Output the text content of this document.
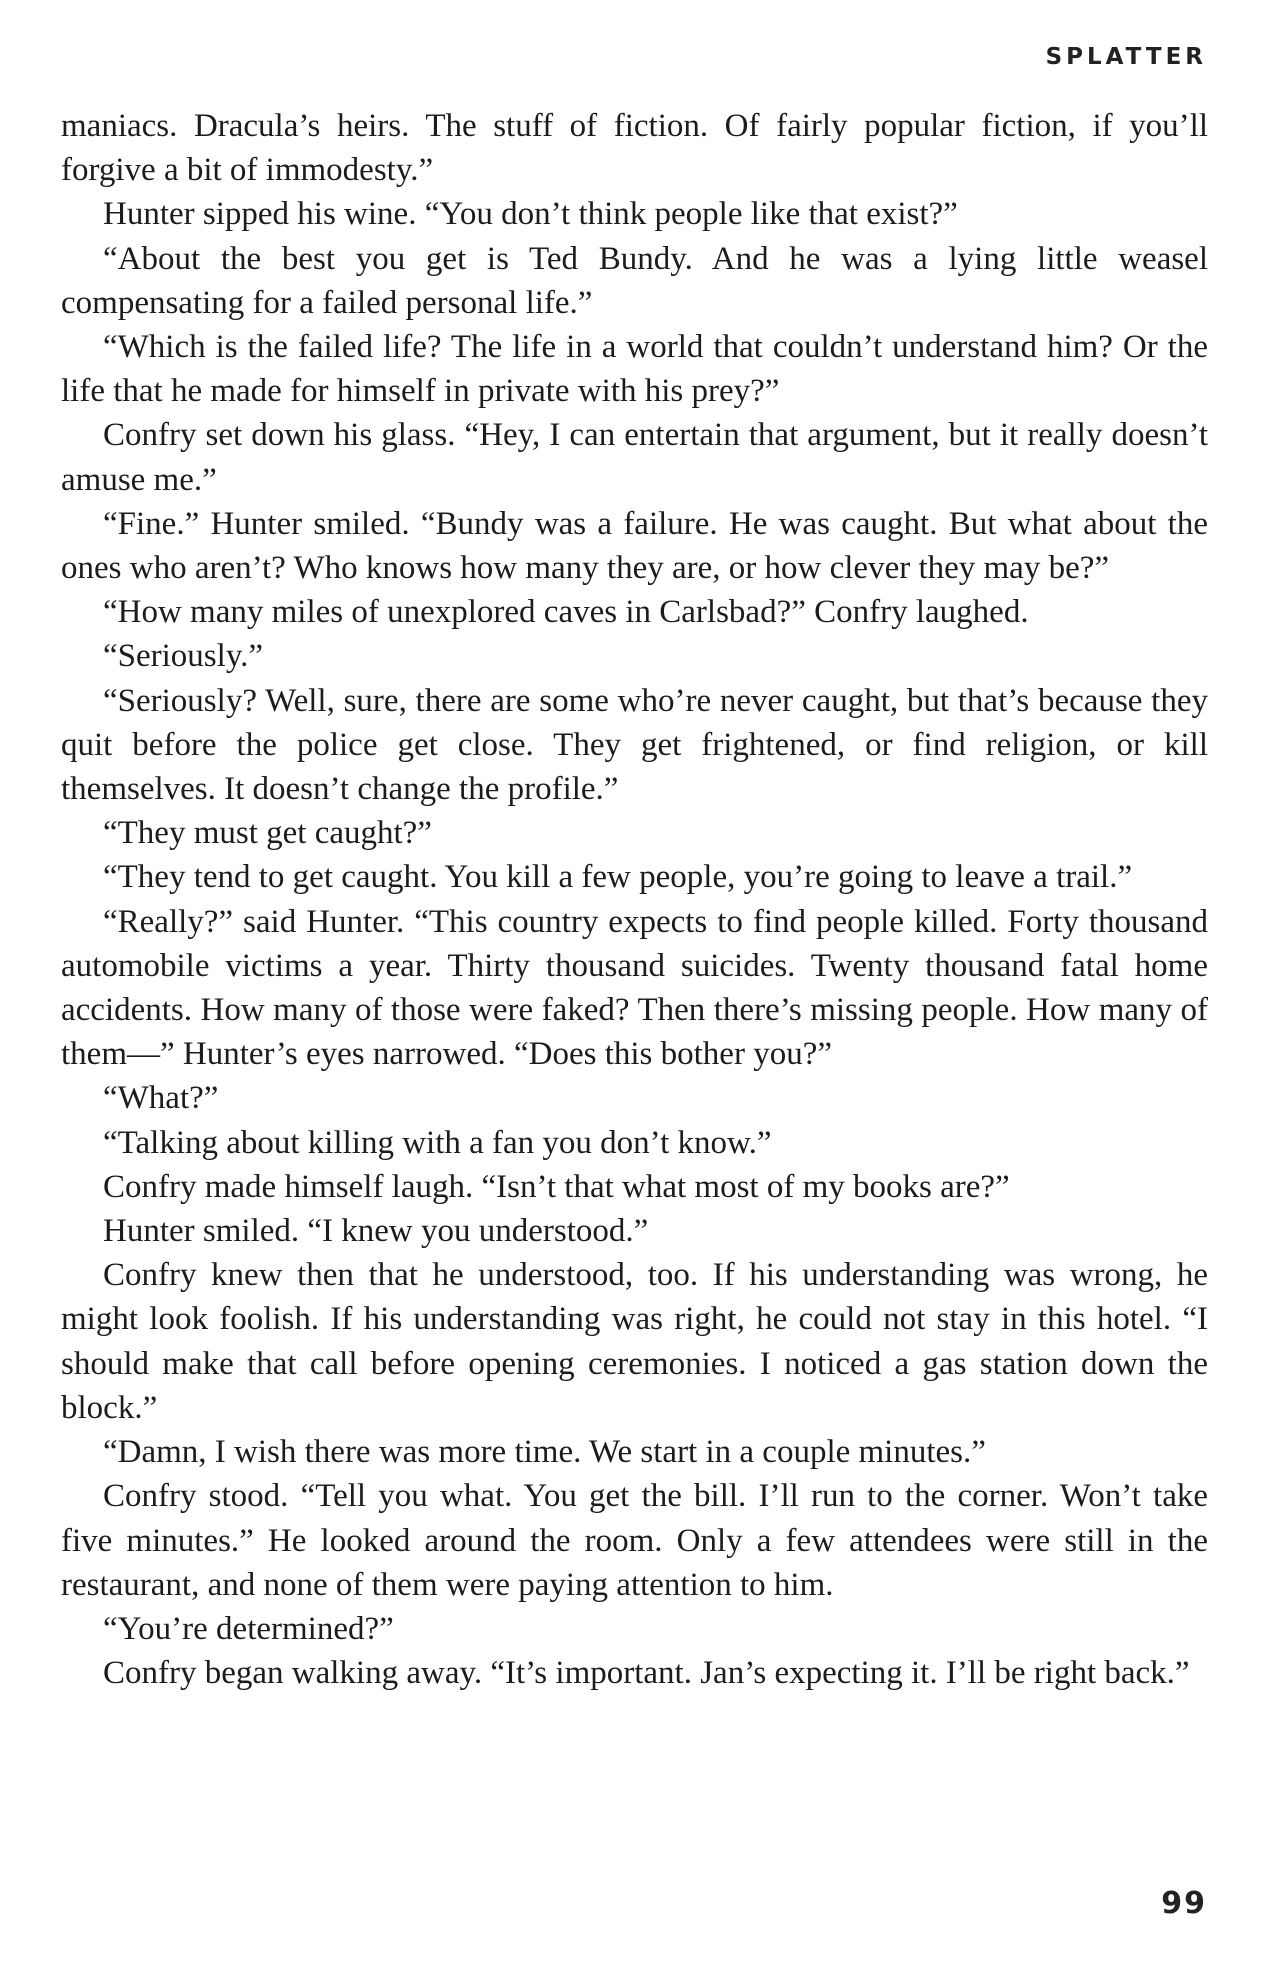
SPLATTER

maniacs. Dracula’s heirs. The stuff of fiction. Of fairly popular fiction, if you’ll forgive a bit of immodesty.”

Hunter sipped his wine. “You don’t think people like that exist?”

“About the best you get is Ted Bundy. And he was a lying little weasel compensating for a failed personal life.”

“Which is the failed life? The life in a world that couldn’t understand him? Or the life that he made for himself in private with his prey?”

Confry set down his glass. “Hey, I can entertain that argument, but it really doesn’t amuse me.”

“Fine.” Hunter smiled. “Bundy was a failure. He was caught. But what about the ones who aren’t? Who knows how many they are, or how clever they may be?”

“How many miles of unexplored caves in Carlsbad?” Confry laughed.

“Seriously.”

“Seriously? Well, sure, there are some who’re never caught, but that’s because they quit before the police get close. They get frightened, or find religion, or kill themselves. It doesn’t change the profile.”

“They must get caught?”

“They tend to get caught. You kill a few people, you’re going to leave a trail.”

“Really?” said Hunter. “This country expects to find people killed. Forty thousand automobile victims a year. Thirty thousand suicides. Twenty thousand fatal home accidents. How many of those were faked? Then there’s missing people. How many of them—” Hunter’s eyes narrowed. “Does this bother you?”

“What?”

“Talking about killing with a fan you don’t know.”

Confry made himself laugh. “Isn’t that what most of my books are?”

Hunter smiled. “I knew you understood.”

Confry knew then that he understood, too. If his understanding was wrong, he might look foolish. If his understanding was right, he could not stay in this hotel. “I should make that call before opening ceremonies. I noticed a gas station down the block.”

“Damn, I wish there was more time. We start in a couple minutes.”

Confry stood. “Tell you what. You get the bill. I’ll run to the corner. Won’t take five minutes.” He looked around the room. Only a few attendees were still in the restaurant, and none of them were paying attention to him.

“You’re determined?”

Confry began walking away. “It’s important. Jan’s expecting it. I’ll be right back.”

99
